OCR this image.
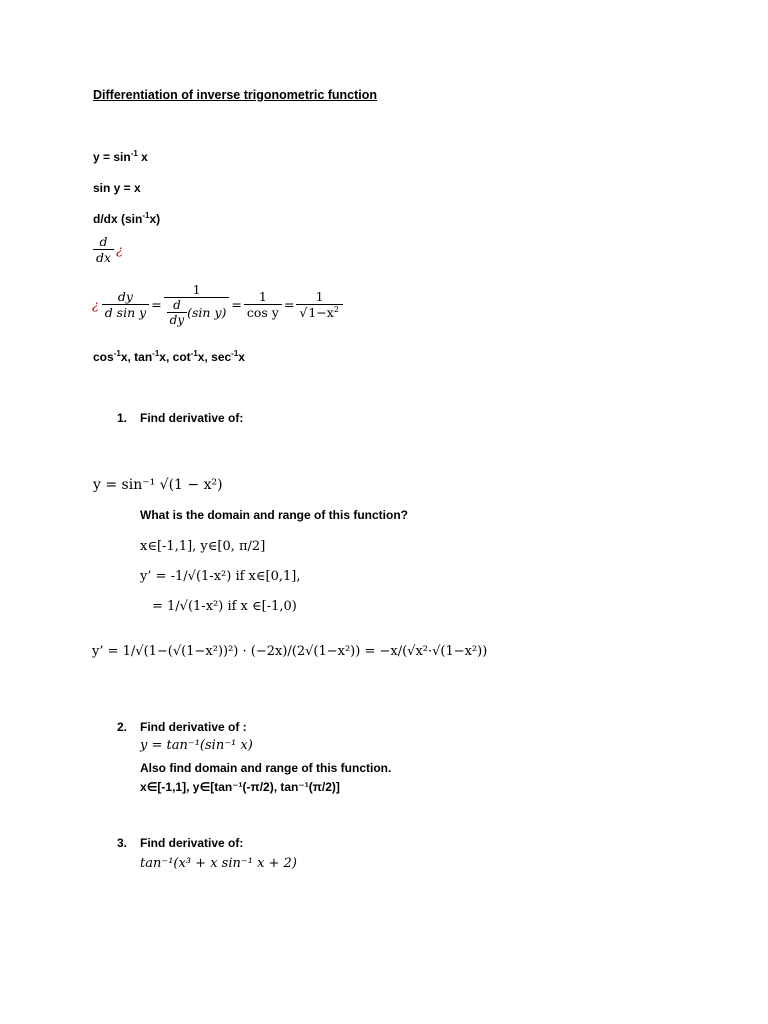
Differentiation of inverse trigonometric function
$y = \sin^{-1} x$
sin y = x
d/dx $(\sin^{-1}x)$
$\frac{d}{dx}$ ¿
¿ $\frac{dy}{\text{d sin y}} = \frac{1}{\frac{d}{dy} (\sin y)} = \frac{1}{\text{cos y}} = \frac{1}{√1-x^2}$
$\cos^{-1}x$, $\tan^{-1}x$, $\cot^{-1}x$, $\sec^{-1}x$
1. Find derivative of:
y = sin⁻¹ √(1 − x²)
What is the domain and range of this function?
x∈[-1,1], y∈[0, π/2]
y’ = -1/√(1-x²) if x∈[0,1],
= 1/√(1-x²) if x ∈[-1,0)
y’ = 1/√(1−(√(1−x²))²) · (−2x)/(2√(1−x²)) = −x/(√x²·√(1−x²))
2. Find derivative of :
y = tan⁻¹(sin⁻¹ x)
Also find domain and range of this function.
x∈[-1,1], y∈[tan⁻¹(-π/2), tan⁻¹(π/2)]
3. Find derivative of:
tan⁻¹(x³ + x sin⁻¹ x + 2)
